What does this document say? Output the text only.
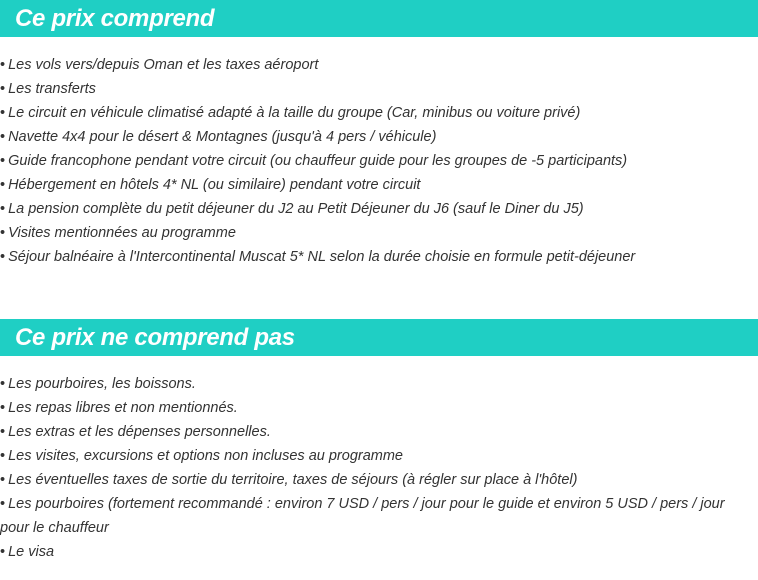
Ce prix comprend
• Les vols vers/depuis Oman et les taxes aéroport
• Les transferts
• Le circuit en véhicule climatisé adapté à la taille du groupe (Car, minibus ou voiture privé)
• Navette 4x4 pour le désert & Montagnes (jusqu'à 4 pers / véhicule)
• Guide francophone pendant votre circuit (ou chauffeur guide pour les groupes de -5 participants)
• Hébergement en hôtels 4* NL (ou similaire) pendant votre circuit
• La pension complète du petit déjeuner du J2 au Petit Déjeuner du J6 (sauf le Diner du J5)
• Visites mentionnées au programme
• Séjour balnéaire à l'Intercontinental Muscat 5* NL selon la durée choisie en formule petit-déjeuner
Ce prix ne comprend pas
• Les pourboires, les boissons.
• Les repas libres et non mentionnés.
• Les extras et les dépenses personnelles.
• Les visites, excursions et options non incluses au programme
• Les éventuelles taxes de sortie du territoire, taxes de séjours (à régler sur place à l'hôtel)
• Les pourboires (fortement recommandé : environ 7 USD / pers / jour pour le guide et environ 5 USD / pers / jour pour le chauffeur
• Le visa
